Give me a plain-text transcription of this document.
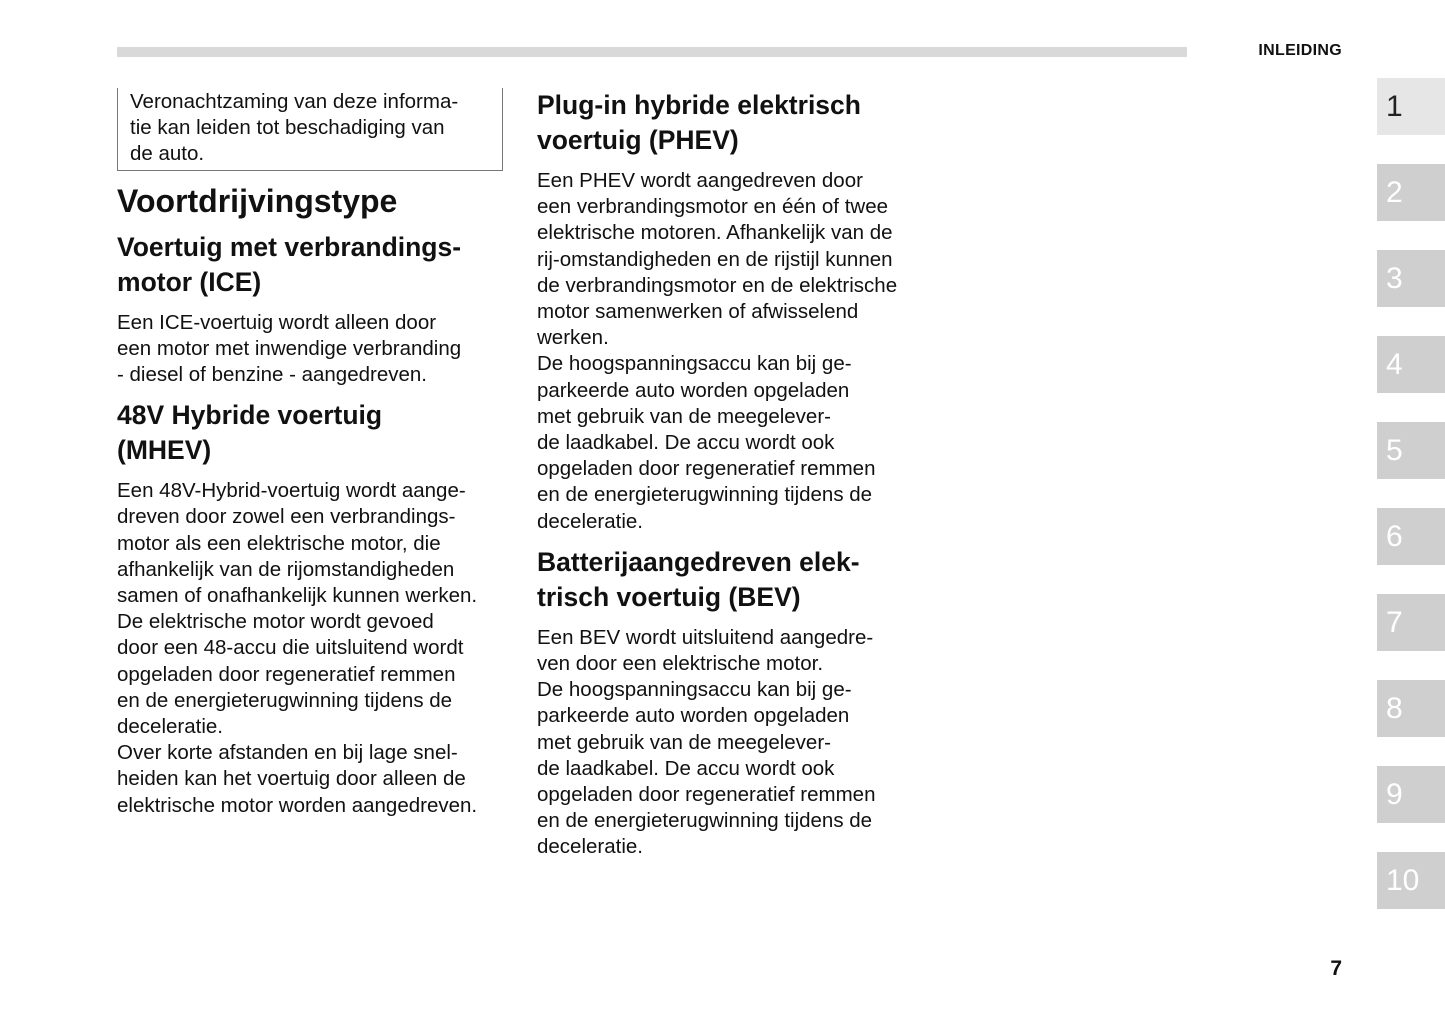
INLEIDING

Veronachtzaming van deze informa-
tie kan leiden tot beschadiging van
de auto.

Voortdrijvingstype
Voertuig met verbrandings-
motor (ICE)

Een ICE-voertuig wordt alleen door
een motor met inwendige verbranding
- diesel of benzine - aangedreven.

48V Hybride voertuig
(MHEV)

Een 48V-Hybrid-voertuig wordt aange-
dreven door zowel een verbrandings-
motor als een elektrische motor, die
afhankelijk van de rijomstandigheden
samen of onafhankelijk kunnen werken.
De elektrische motor wordt gevoed
door een 48-accu die uitsluitend wordt
opgeladen door regeneratief remmen
en de energieterugwinning tijdens de
deceleratie.
Over korte afstanden en bij lage snel-
heiden kan het voertuig door alleen de
elektrische motor worden aangedreven.

Plug-in hybride elektrisch
voertuig (PHEV)

Een PHEV wordt aangedreven door
een verbrandingsmotor en één of twee
elektrische motoren. Afhankelijk van de
rij-omstandigheden en de rijstijl kunnen
de verbrandingsmotor en de elektrische
motor samenwerken of afwisselend
werken.
De hoogspanningsaccu kan bij ge-
parkeerde auto worden opgeladen
met gebruik van de meegelever-
de laadkabel. De accu wordt ook
opgeladen door regeneratief remmen
en de energieterugwinning tijdens de
deceleratie.

Batterijaangedreven elek-
trisch voertuig (BEV)

Een BEV wordt uitsluitend aangedre-
ven door een elektrische motor.
De hoogspanningsaccu kan bij ge-
parkeerde auto worden opgeladen
met gebruik van de meegelever-
de laadkabel. De accu wordt ook
opgeladen door regeneratief remmen
en de energieterugwinning tijdens de
deceleratie.

1
2
3
4
5
6
7
8
9
10
7
